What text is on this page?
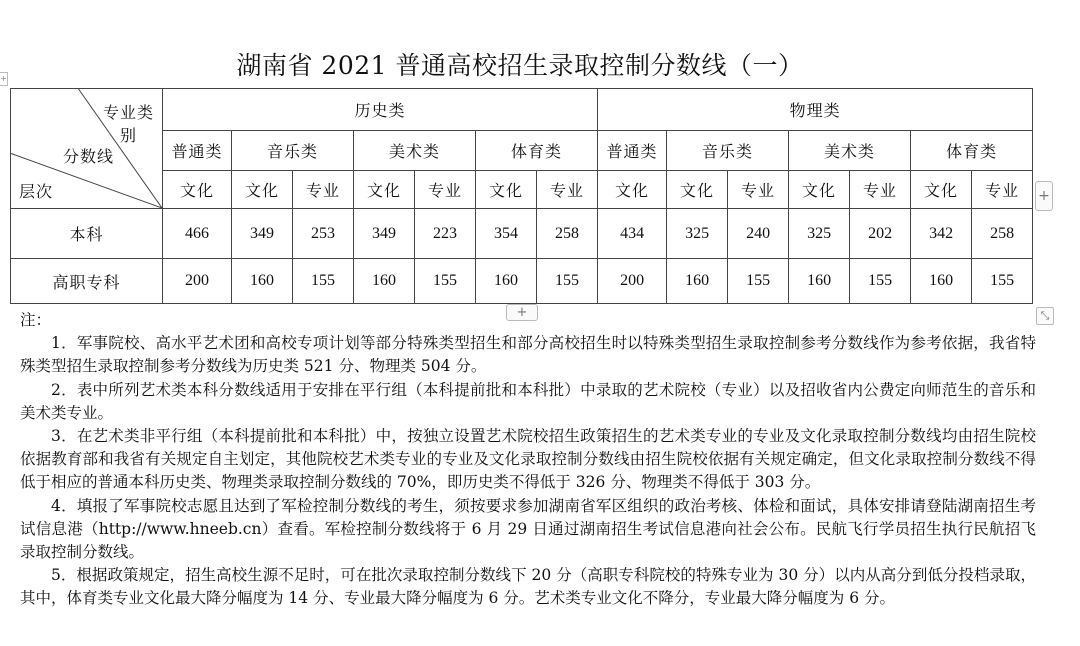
湖南省 2021 普通高校招生录取控制分数线（一）
+
专业类别
分数线
层次	历史类							物理类						
	普通类	音乐类		美术类		体育类		普通类	音乐类		美术类		体育类	
	文化	文化	专业	文化	专业	文化	专业	文化	文化	专业	文化	专业	文化	专业
本科	466	349	253	349	223	354	258	434	325	240	325	202	342	258
高职专科	200	160	155	160	155	160	155	200	160	155	160	155	160	155
+
+	⤡

注：

1．军事院校、高水平艺术团和高校专项计划等部分特殊类型招生和部分高校招生时以特殊类型招生录取控制参考分数线作为参考依据，我省特殊类型招生录取控制参考分数线为历史类 521 分、物理类 504 分。

2．表中所列艺术类本科分数线适用于安排在平行组（本科提前批和本科批）中录取的艺术院校（专业）以及招收省内公费定向师范生的音乐和美术类专业。

3．在艺术类非平行组（本科提前批和本科批）中，按独立设置艺术院校招生政策招生的艺术类专业的专业及文化录取控制分数线均由招生院校依据教育部和我省有关规定自主划定，其他院校艺术类专业的专业及文化录取控制分数线由招生院校依据有关规定确定，但文化录取控制分数线不得低于相应的普通本科历史类、物理类录取控制分数线的 70%，即历史类不得低于 326 分、物理类不得低于 303 分。

4．填报了军事院校志愿且达到了军检控制分数线的考生，须按要求参加湖南省军区组织的政治考核、体检和面试，具体安排请登陆湖南招生考试信息港（http://www.hneeb.cn）查看。军检控制分数线将于 6 月 29 日通过湖南招生考试信息港向社会公布。民航飞行学员招生执行民航招飞录取控制分数线。

5．根据政策规定，招生高校生源不足时，可在批次录取控制分数线下 20 分（高职专科院校的特殊专业为 30 分）以内从高分到低分投档录取，其中，体育类专业文化最大降分幅度为 14 分、专业最大降分幅度为 6 分。艺术类专业文化不降分，专业最大降分幅度为 6 分。
